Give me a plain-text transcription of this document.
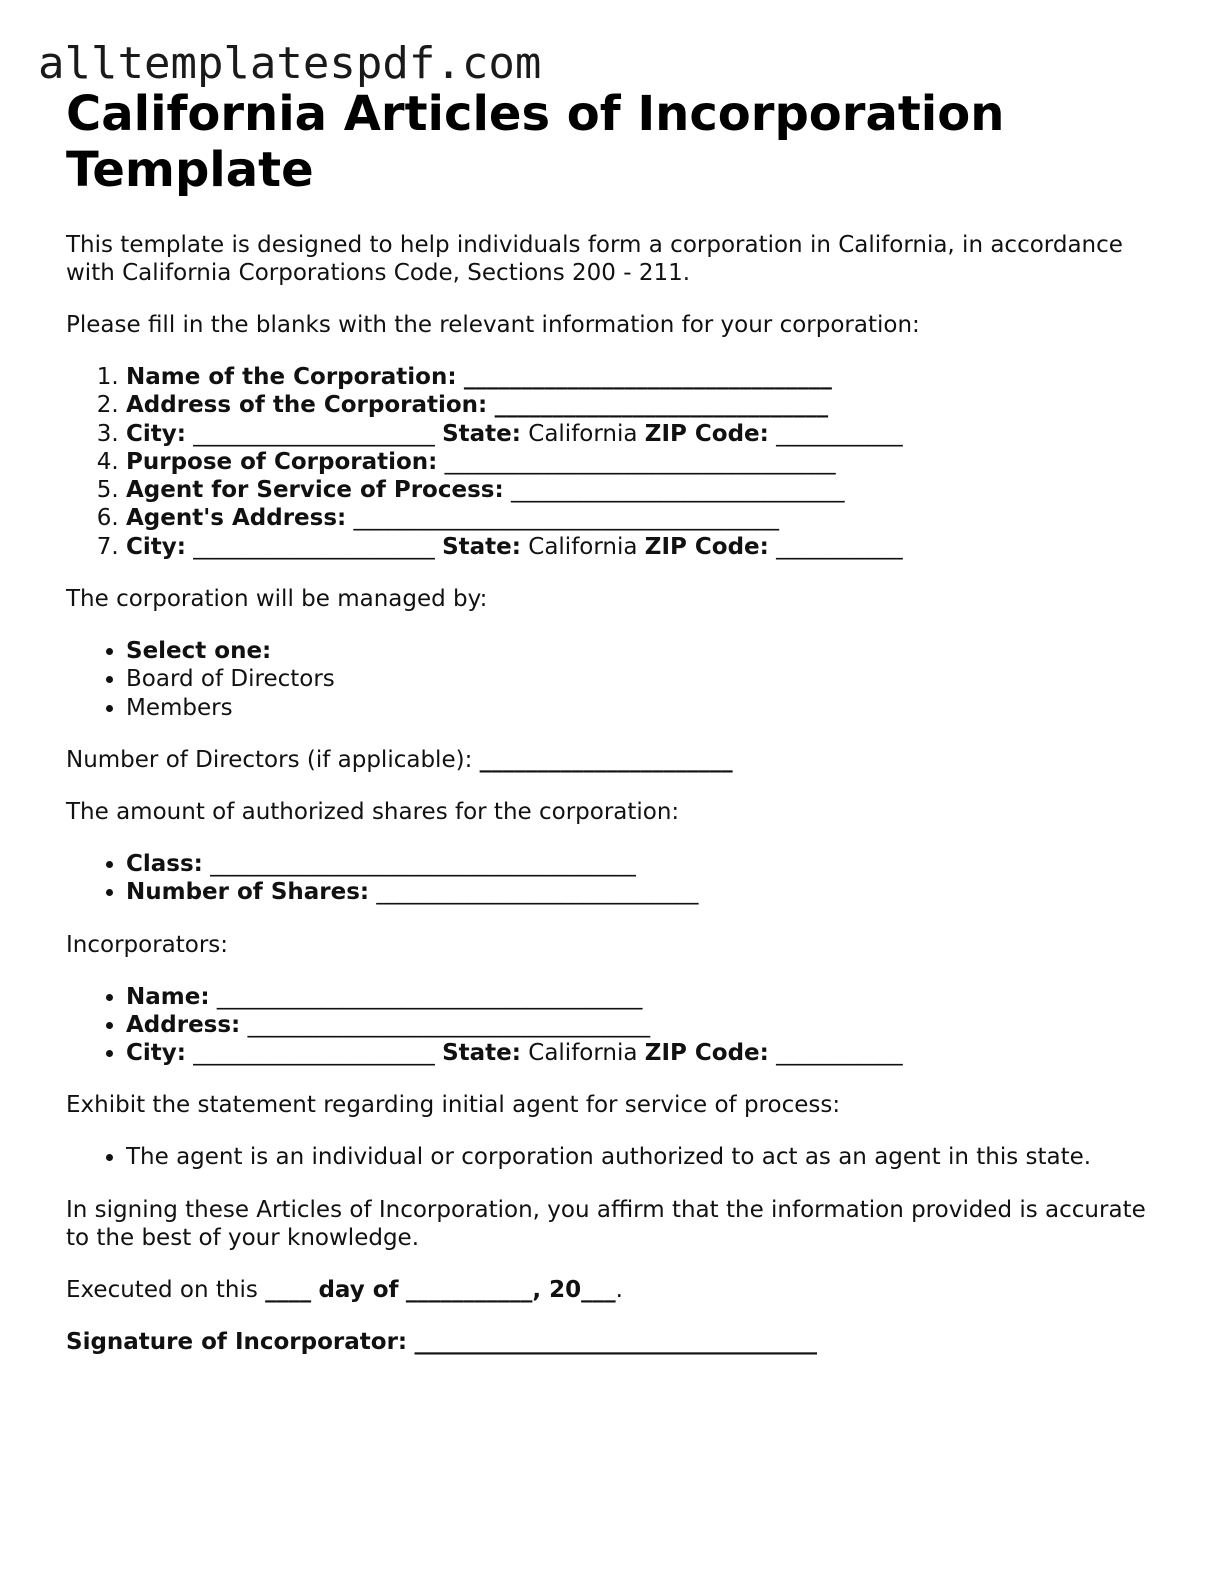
alltemplatespdf.com
California Articles of Incorporation Template

This template is designed to help individuals form a corporation in California, in accordance with California Corporations Code, Sections 200 - 211.

Please fill in the blanks with the relevant information for your corporation:

1. Name of the Corporation: ________________________________
2. Address of the Corporation: _____________________________
3. City: _____________________ State: California ZIP Code: ___________
4. Purpose of Corporation: __________________________________
5. Agent for Service of Process: _____________________________
6. Agent's Address: _____________________________________
7. City: _____________________ State: California ZIP Code: ___________

The corporation will be managed by:

• Select one:
• Board of Directors
• Members

Number of Directors (if applicable): ______________________

The amount of authorized shares for the corporation:

• Class: _____________________________________
• Number of Shares: ____________________________

Incorporators:

• Name: _____________________________________
• Address: ___________________________________
• City: _____________________ State: California ZIP Code: ___________

Exhibit the statement regarding initial agent for service of process:

• The agent is an individual or corporation authorized to act as an agent in this state.

In signing these Articles of Incorporation, you affirm that the information provided is accurate to the best of your knowledge.

Executed on this ____ day of ___________, 20___.

Signature of Incorporator: ___________________________________
